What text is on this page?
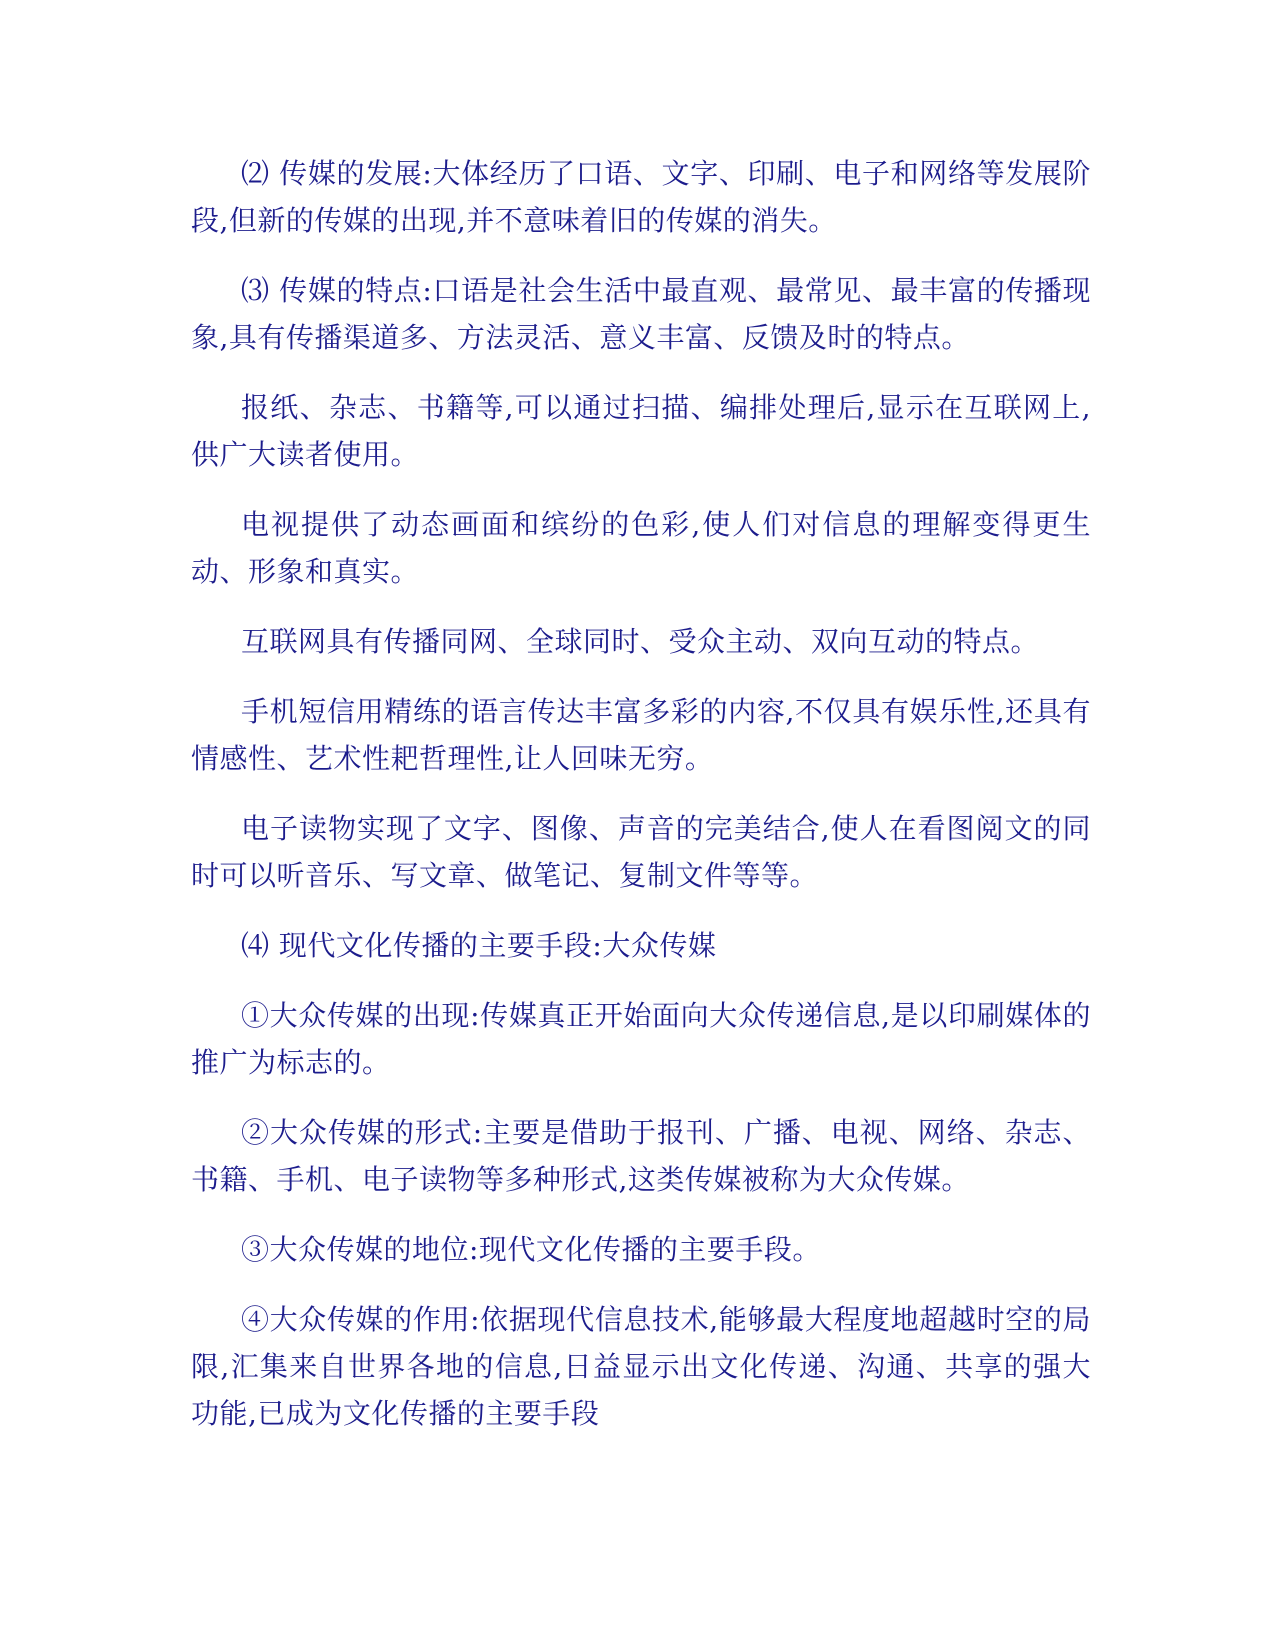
⑵ 传媒的发展:大体经历了口语、文字、印刷、电子和网络等发展阶段,但新的传媒的出现,并不意味着旧的传媒的消失。

⑶ 传媒的特点:口语是社会生活中最直观、最常见、最丰富的传播现象,具有传播渠道多、方法灵活、意义丰富、反馈及时的特点。

报纸、杂志、书籍等,可以通过扫描、编排处理后,显示在互联网上,供广大读者使用。

电视提供了动态画面和缤纷的色彩,使人们对信息的理解变得更生动、形象和真实。

互联网具有传播同网、全球同时、受众主动、双向互动的特点。

手机短信用精练的语言传达丰富多彩的内容,不仅具有娱乐性,还具有情感性、艺术性耙哲理性,让人回味无穷。

电子读物实现了文字、图像、声音的完美结合,使人在看图阅文的同时可以听音乐、写文章、做笔记、复制文件等等。

⑷ 现代文化传播的主要手段:大众传媒

①大众传媒的出现:传媒真正开始面向大众传递信息,是以印刷媒体的推广为标志的。

②大众传媒的形式:主要是借助于报刊、广播、电视、网络、杂志、书籍、手机、电子读物等多种形式,这类传媒被称为大众传媒。

③大众传媒的地位:现代文化传播的主要手段。

④大众传媒的作用:依据现代信息技术,能够最大程度地超越时空的局限,汇集来自世界各地的信息,日益显示出文化传递、沟通、共享的强大功能,已成为文化传播的主要手段
